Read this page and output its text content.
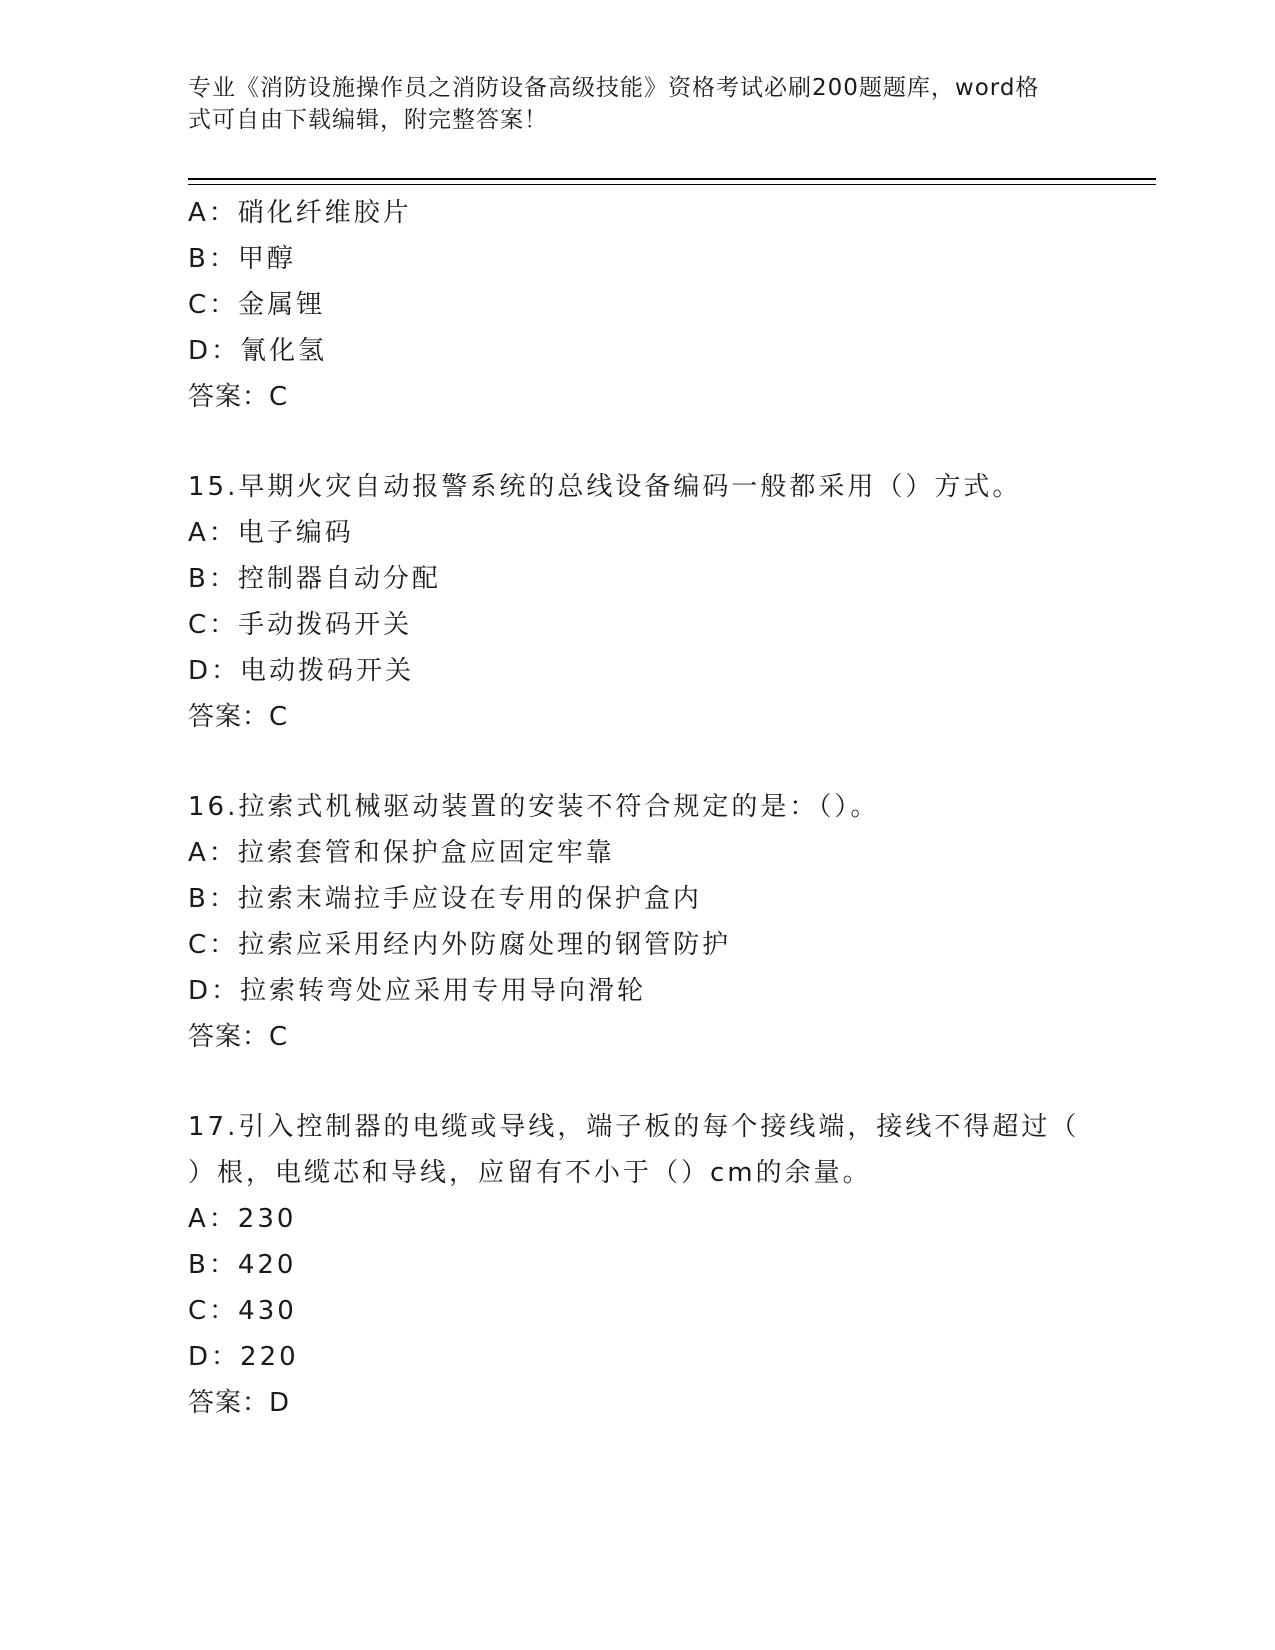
专业《消防设施操作员之消防设备高级技能》资格考试必刷200题题库，word格
式可自由下载编辑，附完整答案！
A：硝化纤维胶片
B：甲醇
C：金属锂
D：氰化氢
答案：C
15.早期火灾自动报警系统的总线设备编码一般都采用（）方式。
A：电子编码
B：控制器自动分配
C：手动拨码开关
D：电动拨码开关
答案：C
16.拉索式机械驱动装置的安装不符合规定的是：（）。
A：拉索套管和保护盒应固定牢靠
B：拉索末端拉手应设在专用的保护盒内
C：拉索应采用经内外防腐处理的钢管防护
D：拉索转弯处应采用专用导向滑轮
答案：C
17.引入控制器的电缆或导线，端子板的每个接线端，接线不得超过（
）根，电缆芯和导线，应留有不小于（）cm的余量。
A：230
B：420
C：430
D：220
答案：D
